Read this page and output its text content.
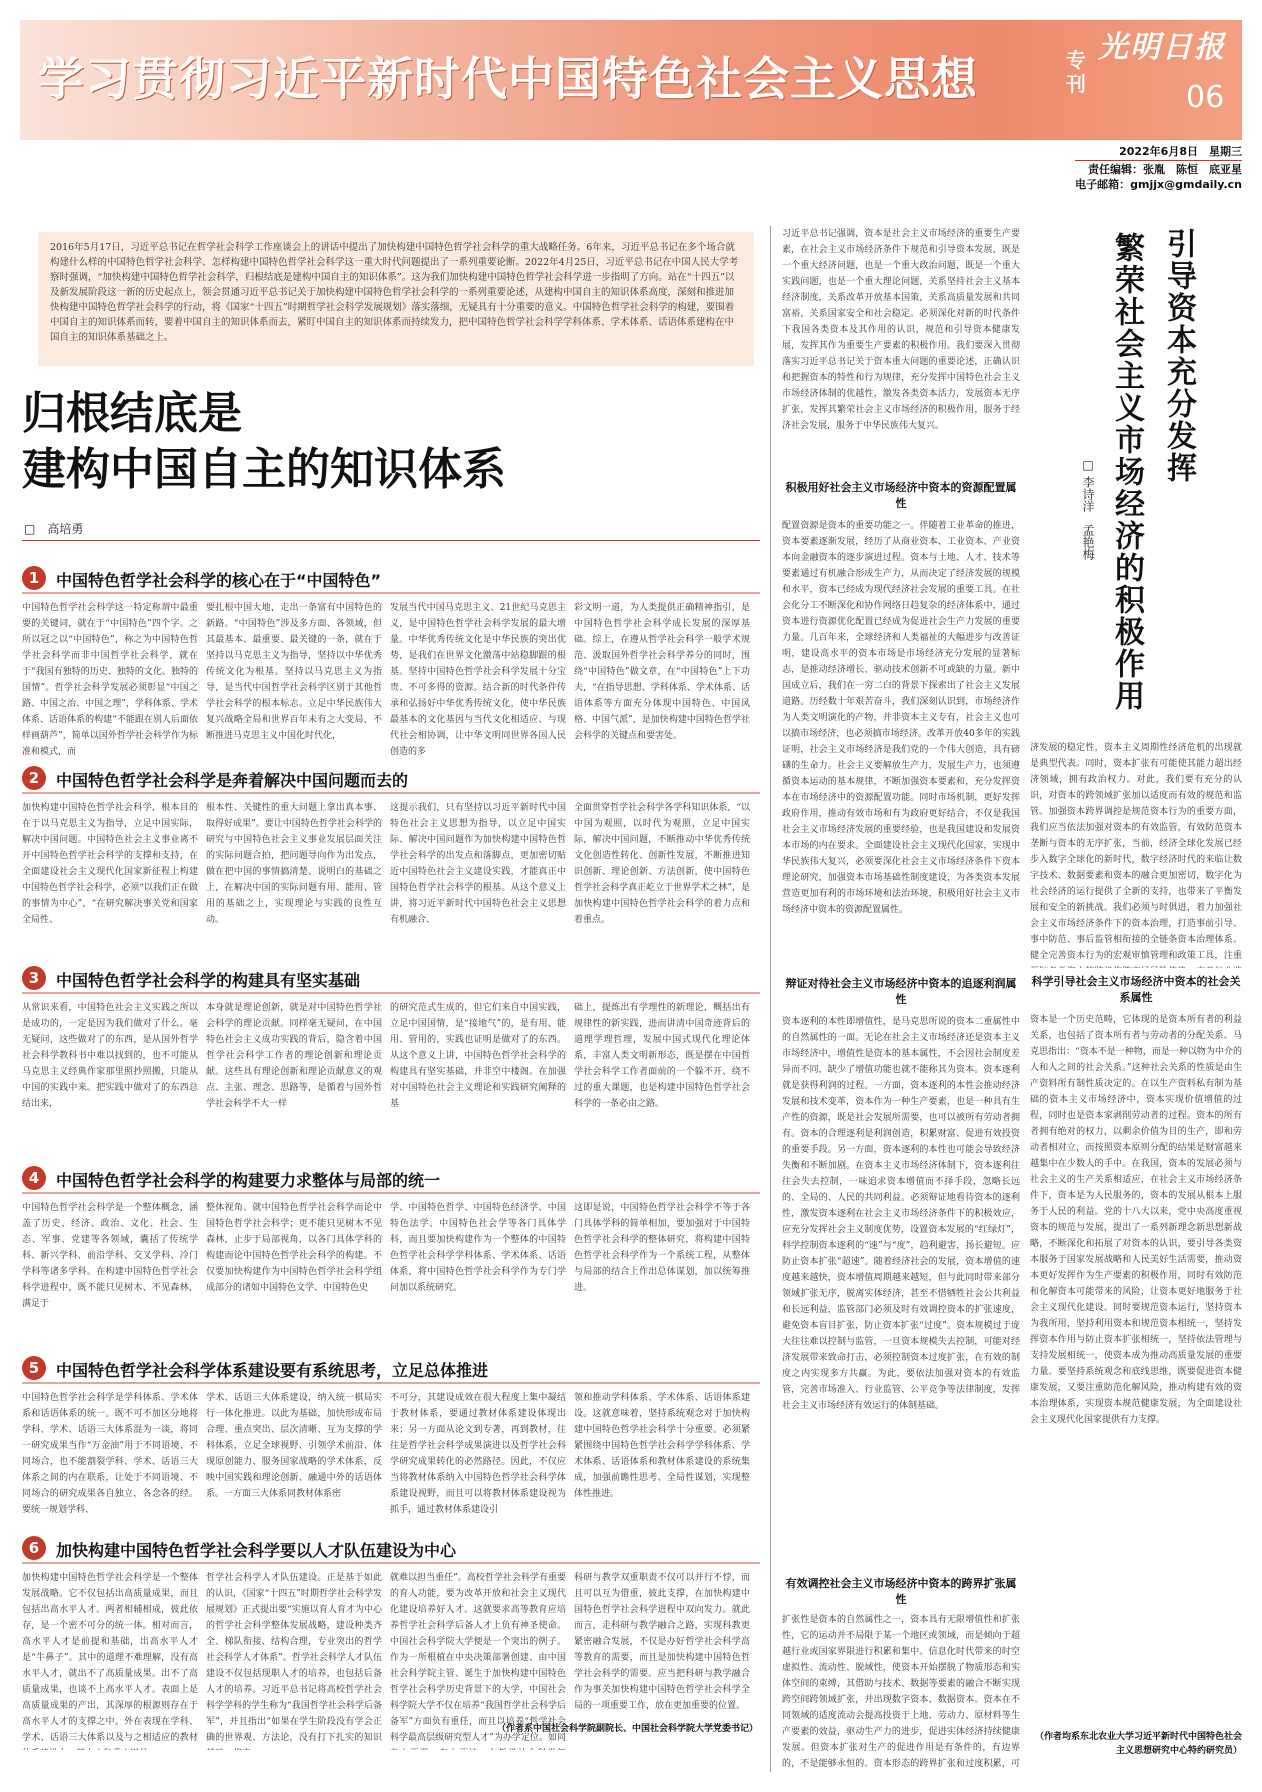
学习贯彻习近平新时代中国特色社会主义思想	专刊
光明日报
06
2022年6月8日　星期三
责任编辑：张胤　陈恒　底亚星
电子邮箱：gmjjx@gmdaily.cn
2016年5月17日，习近平总书记在哲学社会科学工作座谈会上的讲话中提出了加快构建中国特色哲学社会科学的重大战略任务。6年来，习近平总书记在多个场合就构建什么样的中国特色哲学社会科学、怎样构建中国特色哲学社会科学这一重大时代问题提出了一系列重要论断。2022年4月25日，习近平总书记在中国人民大学考察时强调，“加快构建中国特色哲学社会科学，归根结底是建构中国自主的知识体系”。这为我们加快构建中国特色哲学社会科学进一步指明了方向。站在“十四五”以及新发展阶段这一新的历史起点上，领会贯通习近平总书记关于加快构建中国特色哲学社会科学的一系列重要论述，从建构中国自主的知识体系高度，深刻和推进加快构建中国特色哲学社会科学的行动，将《国家“十四五”时期哲学社会科学发展规划》落实落细，无疑具有十分重要的意义。中国特色哲学社会科学的构建，要围着中国自主的知识体系而转，要着中国自主的知识体系而去，紧盯中国自主的知识体系而持续发力，把中国特色哲学社会科学学科体系、学术体系、话语体系建构在中国自主的知识体系基础之上。
归根结底是
建构中国自主的知识体系
□　高培勇
1	中国特色哲学社会科学的核心在于“中国特色”
中国特色哲学社会科学这一特定称谓中最重要的关键词，就在于“中国特色”四个字。之所以冠之以“中国特色”，称之为中国特色哲学社会科学而非中国哲学社会科学，就在于“我国有独特的历史、独特的文化、独特的国情”。哲学社会科学发展必须彰显“中国之路、中国之治、中国之理”，学科体系、学术体系、话语体系的构建“不能跟在别人后面依样画葫芦”，简单以国外哲学社会科学作为标准和模式，而
要扎根中国大地，走出一条富有中国特色的新路。“中国特色”涉及多方面、各领域，但其最基本、最重要、最关键的一条，就在于坚持以马克思主义为指导，坚持以中华优秀传统文化为根基。坚持以马克思主义为指导，是当代中国哲学社会科学区别于其他哲学社会科学的根本标志。立足中华民族伟大复兴战略全局和世界百年未有之大变局，不断推进马克思主义中国化时代化，
发展当代中国马克思主义、21世纪马克思主义，是中国特色哲学社会科学发展的最大增量。中华优秀传统文化是中华民族的突出优势，是我们在世界文化激荡中站稳脚跟的根基。坚持中国特色哲学社会科学发展十分宝贵、不可多得的资源。结合新的时代条件传承和弘扬好中华优秀传统文化，使中华民族最基本的文化基因与当代文化相适应、与现代社会相协调，让中华文明同世界各国人民创造的多
彩文明一道，为人类提供正确精神指引，是中国特色哲学社会科学成长发展的深厚基础。综上，在遵从哲学社会科学一般学术规范、汲取国外哲学社会科学养分的同时，围绕“中国特色”做文章，在“中国特色”上下功夫，“在指导思想、学科体系、学术体系、话语体系等方面充分体现中国特色、中国风格、中国气派”，是加快构建中国特色哲学社会科学的关键点和要害处。
2	中国特色哲学社会科学是奔着解决中国问题而去的
加快构建中国特色哲学社会科学，根本目的在于以马克思主义为指导，立足中国实际，解决中国问题。中国特色社会主义事业离不开中国特色哲学社会科学的支撑和支持，在全面建设社会主义现代化国家新征程上构建中国特色哲学社会科学，必须“以我们正在做的事情为中心”，“在研究解决事关党和国家全局性、
根本性、关键性的重大问题上拿出真本事、取得好成果”。要让中国特色哲学社会科学的研究与中国特色社会主义事业发展层面关注的实际问题合拍，把问题导向作为出发点，做在把中国的事情搞清楚、说明白的基础之上，在解决中国的实际问题有用、能用、管用的基础之上，实现理论与实践的良性互动。
这提示我们，只有坚持以习近平新时代中国特色社会主义思想为指导，以立足中国实际、解决中国问题作为加快构建中国特色哲学社会科学的出发点和落脚点，更加密切贴近中国特色社会主义建设实践，才能真正中国特色哲学社会科学的根基。从这个意义上讲，将习近平新时代中国特色社会主义思想有机融合、
全面贯穿哲学社会科学各学科知识体系，“以中国为观照，以时代为观照，立足中国实际，解决中国问题，不断推动中华优秀传统文化创造性转化、创新性发展，不断推进知识创新、理论创新、方法创新，使中国特色哲学社会科学真正屹立于世界学术之林”，是加快构建中国特色哲学社会科学的着力点和着重点。
3	中国特色哲学社会科学的构建具有坚实基础
从常识来看，中国特色社会主义实践之所以是成功的，一定是因为我们做对了什么。毫无疑问，这些做对了的东西，是从国外哲学社会科学教科书中难以找到的，也不可能从马克思主义经典作家那里照抄照搬，只能从中国的实践中来。把实践中做对了的东西总结出来，
本身就是理论创新，就是对中国特色哲学社会科学的理论贡献。同样毫无疑问，在中国特色社会主义成功实践的背后，隐含着中国哲学社会科学工作者的理论创新和理论贡献。这些具有理论创新和理论贡献意义的观点、主张、理念、思路等，是循着与国外哲学社会科学不大一样
的研究范式生成的，但它们来自中国实践，立足中国国情，是“接地气”的，是有用、能用、管用的，实践也证明是做对了的东西。从这个意义上讲，中国特色哲学社会科学的构建具有坚实基础，并非空中楼阁。在加强对中国特色社会主义理论和实践研究阐释的基
础上，提炼出有学理性的新理论，概括出有规律性的新实践，进而讲清中国奇迹背后的道理学理哲理，发展中国式现代化理论体系，丰富人类文明新形态，既是摆在中国哲学社会科学工作者面前的一个躲不开、绕不过的重大课题，也是构建中国特色哲学社会科学的一条必由之路。
4	中国特色哲学社会科学的构建要力求整体与局部的统一
中国特色哲学社会科学是一个整体概念，涵盖了历史、经济、政治、文化、社会、生态、军事、党建等各领域，囊括了传统学科、新兴学科、前沿学科、交叉学科、冷门学科等诸多学科。在构建中国特色哲学社会科学进程中，既不能只见树木、不见森林，满足于
整体视角、就中国特色哲学社会科学而论中国特色哲学社会科学；更不能只见树木不见森林，止步于局部视角，以各门具体学科的构建而论中国特色哲学社会科学的构建。不仅要加快构建作为中国特色哲学社会科学组成部分的诸如中国特色文学、中国特色史
学、中国特色哲学、中国特色经济学、中国特色法学、中国特色社会学等各门具体学科，而且要加快构建作为一个整体的中国特色哲学社会科学学科体系、学术体系、话语体系，将中国特色哲学社会科学作为专门学问加以系统研究。
这即是说，中国特色哲学社会科学不等于各门具体学科的简单相加，要加强对于中国特色哲学社会科学的整体研究，将构建中国特色哲学社会科学作为一个系统工程，从整体与局部的结合上作出总体谋划，加以统筹推进。
5	中国特色哲学社会科学体系建设要有系统思考，立足总体推进
中国特色哲学社会科学是学科体系、学术体系和话语体系的统一。既不可不加区分地将学科、学术、话语三大体系混为一谈，将同一研究成果当作“万金油”用于不同语境、不同场合，也不能割裂学科、学术、话语三大体系之间的内在联系，让处于不同语境、不同场合的研究成果各自独立，各念各的经。要统一规划学科、
学术、话语三大体系建设，纳入统一棋局实行一体化推进。以此为基础，加快形成布局合理、重点突出、层次清晰、互为支撑的学科体系，立足全球视野、引领学术前沿、体现原创能力、服务国家战略的学术体系，反映中国实践和理论创新、融通中外的话语体系。一方面三大体系同教材体系密
不可分，其建设成效在很大程度上集中凝结于教材体系，要通过教材体系建设体现出来；另一方面从论文到专著，再到教材，往往是哲学社会科学成果演进以及哲学社会科学研究成果转化的必然路径。因此，不仅应当将教材体系纳入中国特色哲学社会科学体系建设视野，而且可以将教材体系建设视为抓手，通过教材体系建设引
领和推动学科体系、学术体系、话语体系建设。这就意味着，坚持系统观念对于加快构建中国特色哲学社会科学十分重要。必须紧紧围绕中国特色哲学社会科学学科体系、学术体系、话语体系和教材体系建设的系统集成，加强前瞻性思考、全局性谋划，实现整体性推进。
6	加快构建中国特色哲学社会科学要以人才队伍建设为中心
加快构建中国特色哲学社会科学是一个整体发展战略。它不仅包括出高质量成果，而且包括出高水平人才。两者相辅相成，彼此依存，是一个密不可分的统一体。相对而言，高水平人才是前提和基础，出高水平人才是“牛鼻子”。其中的道理不难理解，没有高水平人才，就出不了高质量成果。出不了高质量成果，也谈不上高水平人才。表面上是高质量成果的产出，其深厚的根源则存在于高水平人才的支撑之中。外在表现在学科、学术、话语三大体系以及与之相适应的教材
哲学社会科学人才队伍建设。正是基于如此的认识，《国家“十四五”时期哲学社会科学发展规划》正式提出要“实施以育人育才为中心的哲学社会科学整体发展战略，建设种类齐全、梯队衔接、结构合理，专业突出的哲学社会科学人才体系”。哲学社会科学人才队伍建设不仅包括现职人才的培养，也包括后备人才的培养。习近平总书记将高校哲学社会科学学科的学生称为“我国哲学社会科学后备军”，并且指出“如果在学生阶段没有学会正确的世界观、方法论，没有打下扎实的知识
就难以担当重任”。高校哲学社会科学有重要的育人功能，要为改革开放和社会主义现代化建设培养好人才。这就要求高等教育应培养哲学社会科学后备人才上负有神圣使命。中国社会科学院大学便是一个突出的例子。作为一所根植在中央决策部署创建、由中国社会科学院主管、诞生于加快构建中国特色哲学社会科学历史背景下的大学，中国社会科学院大学不仅在培养“我国哲学社会科学后备军”方面负有重任，而且以培养“哲学社会科学最高层级研究型人才”为办学定位。如同
科研与教学双重职责不仅可以并行不悖，而且可以互为借重，彼此支撑，在加快构建中国特色哲学社会科学进程中双向发力。就此而言，走科研与教学融合之路，实现科教更紧密融合发展，不仅是办好哲学社会科学高等教育的需要，而且是加快构建中国特色哲学社会科学的需要。应当把科研与教学融合作为事关加快构建中国特色哲学社会科学全局的一项重要工作，放在更加重要的位置。
（作者系中国社会科学院副院长、中国社会科学院大学党委书记）
引导资本充分发挥
繁荣社会主义市场经济的积极作用
□ 李诗洋　孟艳梅
习近平总书记强调，资本是社会主义市场经济的重要生产要素，在社会主义市场经济条件下规范和引导资本发展，既是一个重大经济问题，也是一个重大政治问题，既是一个重大实践问题，也是一个重大理论问题，关系坚持社会主义基本经济制度，关系改革开放基本国策，关系高质量发展和共同富裕，关系国家安全和社会稳定。必须深化对新的时代条件下我国各类资本及其作用的认识，规范和引导资本健康发展，发挥其作为重要生产要素的积极作用。我们要深入贯彻落实习近平总书记关于资本重大问题的重要论述，正确认识和把握资本的特性和行为规律，充分发挥中国特色社会主义市场经济体制的优越性，激发各类资本活力，发展资本无序扩张，发挥其繁荣社会主义市场经济的积极作用，服务于经济社会发展，服务于中华民族伟大复兴。
积极用好社会主义市场经济中资本的资源配置属性
配置资源是资本的重要功能之一。伴随着工业革命的推进，资本要素逐渐发展，经历了从商业资本、工业资本、产业资本向金融资本的逐步演进过程。资本与土地、人才、技术等要素通过有机融合形成生产力，从而决定了经济发展的规模和水平，资本已经成为现代经济社会发展的重要工具。在社会化分工不断深化和协作网络日趋复杂的经济体系中，通过资本进行资源优化配置已经成为促进社会生产力发展的重要力量。几百年来，全球经济和人类福祉的大幅进步与改善证明，建设高水平的资本市场是市场经济充分发展的显著标志，是推动经济增长、驱动技术创新不可或缺的力量。新中国成立后，我们在一穷二白的背景下探索出了社会主义发展道路。历经数十年艰苦奋斗，我们深刻认识到，市场经济作为人类文明演化的产物，并非资本主义专有，社会主义也可以搞市场经济，也必须搞市场经济。改革开放40多年的实践证明，社会主义市场经济是我们党的一个伟大创造，具有磅礴的生命力。社会主义要解放生产力，发展生产力，也须遵循资本运动的基本规律，不断加强资本要素和，充分发挥资本在市场经济中的资源配置功能。同时市场机制，更好发挥政府作用，推动有效市场和有为政府更好结合，不仅是我国社会主义市场经济发展的重要经验，也是我国建设和发展资本市场的内在要求。全面建设社会主义现代化国家，实现中华民族伟大复兴，必须要深化社会主义市场经济条件下资本理论研究，加强资本市场基础性制度建设，为各类资本发展营造更加有利的市场环境和法治环境，积极用好社会主义市场经济中资本的资源配置属性。
辩证对待社会主义市场经济中资本的追逐利润属性
资本逐利的本性即增值性，是马克思所说的资本二重属性中的自然属性的一面。无论在社会主义市场经济还是资本主义市场经济中，增值性是资本的基本属性，不会因社会制度差异而不同，缺少了增值功能也就不能称其为资本。资本逐利就是获得利润的过程。一方面，资本逐利的本性会推动经济发展和技术变革，资本作为一种生产要素，也是一种具有生产性的资源，既是社会发展所需要，也可以被所有劳动者拥有。资本的合理逐利是利润创造，积累财富、促进有效投资的重要手段。另一方面，资本逐利的本性也可能会导致经济失衡和不断加剧。在资本主义市场经济体制下，资本逐利往往会失去控制，一味追求资本增值而不择手段，忽略长远的、全局的、人民的共同利益。必须辩证地看待资本的逐利性，激发资本逐利在社会主义市场经济条件下的积极效应，应充分发挥社会主义制度优势，设置资本发展的“红绿灯”，科学控制资本逐利的“速”与“度”，趋利避害，扬长避短。应防止资本扩张“超速”。随着经济社会的发展，资本增值的速度越来越快，资本增值周期越来越短，但与此同时带来部分领域扩张无序，脱离实体经济，甚至不惜牺牲社会公共利益和长远利益，监管部门必须及时有效调控资本的扩张速度，避免资本盲目扩张，防止资本扩张“过度”。资本规模过于庞大往往难以控制与监管，一旦资本规模失去控制，可能对经济发展带来致命打击，必须控制资本过度扩张，在有效的制度之内实现多方共赢。为此，要依法加强对资本的有效监管，完善市场准入、行业监管、公平竞争等法律制度，发挥社会主义市场经济有效运行的体制基础。
有效调控社会主义市场经济中资本的跨界扩张属性
扩张性是资本的自然属性之一，资本具有无限增值性和扩张性，它的运动并不局限于某一个地区或领域，而是倾向于超越行业或国家界限进行积累和集中。信息化时代带来的时空虚拟性、流动性、脱域性，使资本开始摆脱了物质形态和实体空间的束缚，其借助与技术、数据等要素的融合不断实现跨空间跨领域扩张，并出现数字资本、数据资本。资本在不同领域的适度流动会提高投资于上地、劳动力、原材料等生产要素的效益，驱动生产力的进步，促进实体经济持续健康发展。但资本扩张对生产的促进作用是有条件的，有边界的，不是能够永恒的。资本形态的跨界扩张和过度积累，可
济发展的稳定性，资本主义周期性经济危机的出现就是典型代表。同时，资本扩张有可能使其能力超出经济领域，拥有政治权力。对此，我们要有充分的认识，对资本的跨领域扩张加以适度而有效的规范和监管。加强资本跨界调控是规范资本行为的重要方面，我们应当依法加强对资本的有效监管，有效防范资本垄断与资本的无序扩张，当前，经济全球化发展已经步入数字全球化的新时代，数字经济时代的来临让数字技术、数据要素和资本的融合更加密切，数字化为社会经济的运行提供了全新的支持，也带来了平衡发展和安全的新挑战。我们必须与时俱进，着力加强社会主义市场经济条件下的资本治理，打造事前引导、事中防范、事后监管相衔接的全链条资本治理体系。健全完善资本行为的宏观审慎管理和政策工具，注重
科学引导社会主义市场经济中资本的社会关系属性
资本是一个历史范畴，它体现的是资本所有者的利益关系，也包括了资本所有者与劳动者的分配关系。马克思指出：“资本不是一种物，而是一种以物为中介的人和人之间的社会关系。”这种社会关系的性质是由生产资料所有制性质决定的。在以生产资料私有制为基础的资本主义市场经济中，资本实现价值增值的过程，同时也是资本家剥削劳动者的过程。资本的所有者拥有绝对的权力，以剩余价值为目的生产，即和劳动者相对立，而按照资本原则分配的结果是财富越来越集中在少数人的手中。在我国，资本的发展必须与社会主义的生产关系相适应，在社会主义市场经济条件下，资本是为人民服务的，资本的发展从根本上服务于人民的利益。党的十八大以来，党中央高度重视资本的规范与发展，提出了一系列新理念新思想新战略，不断深化和拓展了对资本的认识，要引导各类资本服务于国家发展战略和人民美好生活需要，推动资本更好发挥作为生产要素的积极作用，同时有效防范和化解资本可能带来的风险，让资本更好地服务于社会主义现代化建设。同时要规范资本运行，坚持资本为我所用，坚持利用资本和规范资本相统一，坚持发挥资本作用与防止资本扩张相统一，坚持依法管理与支持发展相统一，使资本成为推动高质量发展的重要力量。要坚持系统观念和底线思维，既要促进资本健康发展，又要注重防范化解风险，推动构建有效的资本治理体系，实现资本规范健康发展，为全面建设社会主义现代化国家提供有力支撑。
（作者均系东北农业大学习近平新时代中国特色社会主义思想研究中心特约研究员）
